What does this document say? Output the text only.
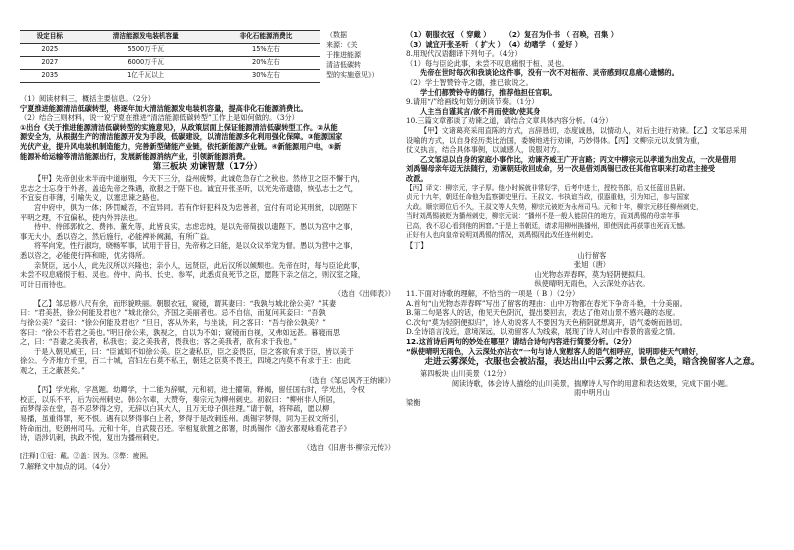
设定目标	清洁能源发电装机容量	非化石能源消费比
2025	5500万千瓦	15%左右
2027	6000万千瓦	20%左右
2035	1亿千瓦以上	30%左右
（数据
来源：《关
于推进能源
清洁低碳转
型的实施意见》）
（1）阅读材料三，概括主要信息。（2分）
宁夏推进能源清洁低碳转型，将逐年加大清洁能源发电装机容量，提高非化石能源消费比。
（2）结合三则材料，说一说宁夏在推进“清洁能源低碳转型”工作上是如何做的。（3分）
①出台《关于推进能源清洁低碳转型的实施意见》，从政策层面上保证能源清洁低碳转型工作。②从能
源安全为，从根据生产的清洁能源开发为手段，低碳建设，以清洁能源多化利用强化保障。③能源国家
光伏产业，提升风电装机制造能力，完善新型储能产业链，依托新能源产业链。④新能源用户电，⑤新
能源补给运输等清洁能源出行，发展新能源消纳产业，引领新能源消费。
第三板块 劝谏智慧（17分）
【甲】先帝创业未半而中道崩殂，今天下三分，益州疲弊，此诚危急存亡之秋也。然侍卫之臣不懈于内，
忠志之士忘身于外者，盖追先帝之殊遇，欲报之于陛下也。诚宜开张圣听，以光先帝遗德，恢弘志士之气，
不宜妄自菲薄，引喻失义，以塞忠谏之路也。
宫中府中，俱为一体；陟罚臧否，不宜异同。若有作奸犯科及为忠善者，宜付有司论其刑赏，以昭陛下
平明之理，不宜偏私，使内外异法也。
侍中、侍郎郭攸之、费祎、董允等，此皆良实，志虑忠纯，是以先帝简拔以遗陛下。愚以为宫中之事，
事无大小，悉以咨之，然后施行，必能裨补阙漏，有所广益。
将军向宠，性行淑均，晓畅军事，试用于昔日，先帝称之曰能，是以众议举宠为督。愚以为营中之事，
悉以咨之，必能使行阵和睦，优劣得所。
亲贤臣，远小人，此先汉所以兴隆也；亲小人，远贤臣，此后汉所以倾颓也。先帝在时，每与臣论此事，
未尝不叹息痛恨于桓、灵也。侍中、尚书、长史、参军，此悉贞良死节之臣，愿陛下亲之信之，则汉室之隆，
可计日而待也。
（选自《出师表》）
【乙】邹忌修八尺有余，而形貌昳丽。朝服衣冠，窥镜，谓其妻曰：“我孰与城北徐公美？”其妻
曰：“君美甚，徐公何能及君也？”城北徐公，齐国之美丽者也。忌不自信，而复问其妾曰：“吾孰
与徐公美？”妾曰：“徐公何能及君也？”旦日，客从外来，与坐谈，问之客曰：“吾与徐公孰美？”
客曰：“徐公不若君之美也。”明日徐公来，孰视之，自以为不如；窥镜而自视，又弗如远甚。暮寝而思
之，曰：“吾妻之美我者，私我也；妾之美我者，畏我也；客之美我者，欲有求于我也。”
于是入朝见威王，曰：“臣诚知不如徐公美。臣之妻私臣，臣之妾畏臣，臣之客欲有求于臣，皆以美于
徐公。今齐地方千里，百二十城，宫妇左右莫不私王，朝廷之臣莫不畏王，四境之内莫不有求于王：由此
观之，王之蔽甚矣。”
（选自《邹忌讽齐王纳谏》）
【丙】学光称，字邕题。幼卿学，十二能为辞赋，元和初，进士擢第，释褐，留任国右时，学光出，令权
校正，以乐不平，后为沅州刺史。韩公尔辈，大赞夸，奏宗元为柳州刺史。初叙曰：“柳州非人所居，
而梦得亲在堂，吾不忍梦得之穷，无辞以白其大人，且万无母子俱往理。”请于朝，将拜疏，愿以柳
易播，虽重得罪，死不恨。遇有以梦得事白上者，梦得于是改刺连州。禹锡字梦得，同为王叔文所引，
特命而出，贬朗州司马。元和十年，自武陵召还。宰相复欲置之郎署，时禹锡作《游玄都观咏看花君子》
诗，语涉讥刺，执政不悦，复出为播州刺史。
（选自《旧唐书·柳宗元传》）
[注释] ①冠：戴。②盖：因为。③弊：疲困。
7.解释文中加点的词。（4分）
（1）朝服衣冠 （ 穿戴 ）　　　（2）复召为仆书 （ 召唤，召集 ）
（3）诚宜开张圣听 （ 扩大 ）　（4）幼嗜学 （ 爱好 ）
8.用现代汉语翻译下列句子。（4分）
（1）每与臣论此事，未尝不叹息痛恨于桓、灵也。
先帝在世时每次和我谈论这件事，没有一次不对桓帝、灵帝感到叹息痛心遗憾的。
（2）学士智赞铃寺之德，推已欲说之。
学士们都赞铃寺的德行，推荐他担任官职。
9.请用“/”给画线句划分朗读节奏。（1分）
人主当自谨其言/欲不肖而使欲/使其身
10.三篇文章都谈了劝谏之道，请结合文章具体内容分析。（4分）
【甲】文诸葛亮采用直陈的方式，言辞恳切，态度诚恳，以情动人，对后主进行劝谏。【乙】文邹忌采用
设喻的方式，以自身经历类比治国，委婉地进行劝谏，巧妙得体。【丙】文柳宗元以友情为重，
仗义执言，结合具体事例，以诚感人，说服对方。
乙文邹忌以自身的家庭小事作比，劝谏齐威王广开言路；丙文中柳宗元以孝道为出发点，一次是借用
刘禹锡母亲年迈无法随行，劝谏朝廷收回成命，另一次是借刘禹锡已改任其他官职来打动君主接受
改派。
【丙】译文：柳宗元，字子厚。他小时候就非常好学，后考中进士，授校书郎，后又任蓝田县尉。
贞元十九年，朝廷任命他为监察御史里行。王叔文、韦执谊当政，很器重他，引为知己，参与国家
大政。顺宗即位后不久，王叔文等人失势，柳宗元被贬为永州司马。元和十年，柳宗元移任柳州刺史，
当时刘禹锡被贬为播州刺史，柳宗元说：“播州不是一般人能居住的地方，而刘禹锡的母亲年事
已高，我不忍心看到他的困窘。”于是上书朝廷，请求用柳州换播州，即使因此再获罪也死而无憾。
正好有人也向皇帝说明刘禹锡的情况，刘禹锡因此改任连州刺史。
【丁】
山行留客
张旭（唐）
山光物态弄春晖，莫为轻阴便拟归。
纵使晴明无雨色，入云深处亦沾衣。
11.下面对诗歌的理解，不恰当的一项是（ B ）（2分）
A.首句“山光物态弄春晖”写出了留客的理由：山中万物都在春光下争奇斗艳，十分美丽。
B.第二句是客人的话，他见天色阴沉，提出要回去，表达了他对山景不感兴趣的态度。
C.次句“莫为轻阴便拟归”，诗人劝说客人不要因为天色稍阴就想离开，语气委婉而恳切。
D.全诗语言浅近，意境深远，以劝留客人为线索，展现了诗人对山中春景的喜爱之情。
12.这首诗后两句的妙处在哪里？请结合诗句内容进行简要分析。（2分）
“纵使晴明无雨色，入云深处亦沾衣”一句与诗人宽慰客人的语气相呼应，说明即使天气晴好，
走进云雾深处，衣服也会被沾湿，表达出山中云雾之浓、景色之美，暗含挽留客人之意。
第四板块 山川美景（12分）
阅读诗歌，体会诗人描绘的山川美景，揣摩诗人写作的用意和表达效果，完成下面小题。
雨中明月山
梁衡
